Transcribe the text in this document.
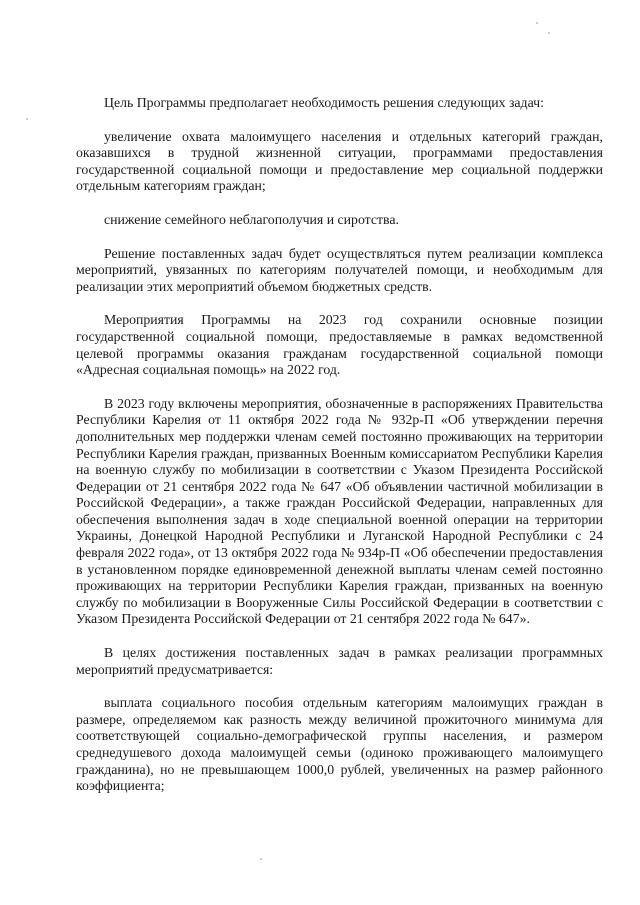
Цель Программы предполагает необходимость решения следующих задач:

увеличение охвата малоимущего населения и отдельных категорий граждан, оказавшихся в трудной жизненной ситуации, программами предоставления государственной социальной помощи и предоставление мер социальной поддержки отдельным категориям граждан;

снижение семейного неблагополучия и сиротства.

Решение поставленных задач будет осуществляться путем реализации комплекса мероприятий, увязанных по категориям получателей помощи, и необходимым для реализации этих мероприятий объемом бюджетных средств.

Мероприятия Программы на 2023 год сохранили основные позиции государственной социальной помощи, предоставляемые в рамках ведомственной целевой программы оказания гражданам государственной социальной помощи «Адресная социальная помощь» на 2022 год.

В 2023 году включены мероприятия, обозначенные в распоряжениях Правительства Республики Карелия от 11 октября 2022 года № 932р-П «Об утверждении перечня дополнительных мер поддержки членам семей постоянно проживающих на территории Республики Карелия граждан, призванных Военным комиссариатом Республики Карелия на военную службу по мобилизации в соответствии с Указом Президента Российской Федерации от 21 сентября 2022 года № 647 «Об объявлении частичной мобилизации в Российской Федерации», а также граждан Российской Федерации, направленных для обеспечения выполнения задач в ходе специальной военной операции на территории Украины, Донецкой Народной Республики и Луганской Народной Республики с 24 февраля 2022 года», от 13 октября 2022 года № 934р-П «Об обеспечении предоставления в установленном порядке единовременной денежной выплаты членам семей постоянно проживающих на территории Республики Карелия граждан, призванных на военную службу по мобилизации в Вооруженные Силы Российской Федерации в соответствии с Указом Президента Российской Федерации от 21 сентября 2022 года № 647».

В целях достижения поставленных задач в рамках реализации программных мероприятий предусматривается:

выплата социального пособия отдельным категориям малоимущих граждан в размере, определяемом как разность между величиной прожиточного минимума для соответствующей социально-демографической группы населения, и размером среднедушевого дохода малоимущей семьи (одиноко проживающего малоимущего гражданина), но не превышающем 1000,0 рублей, увеличенных на размер районного коэффициента;
